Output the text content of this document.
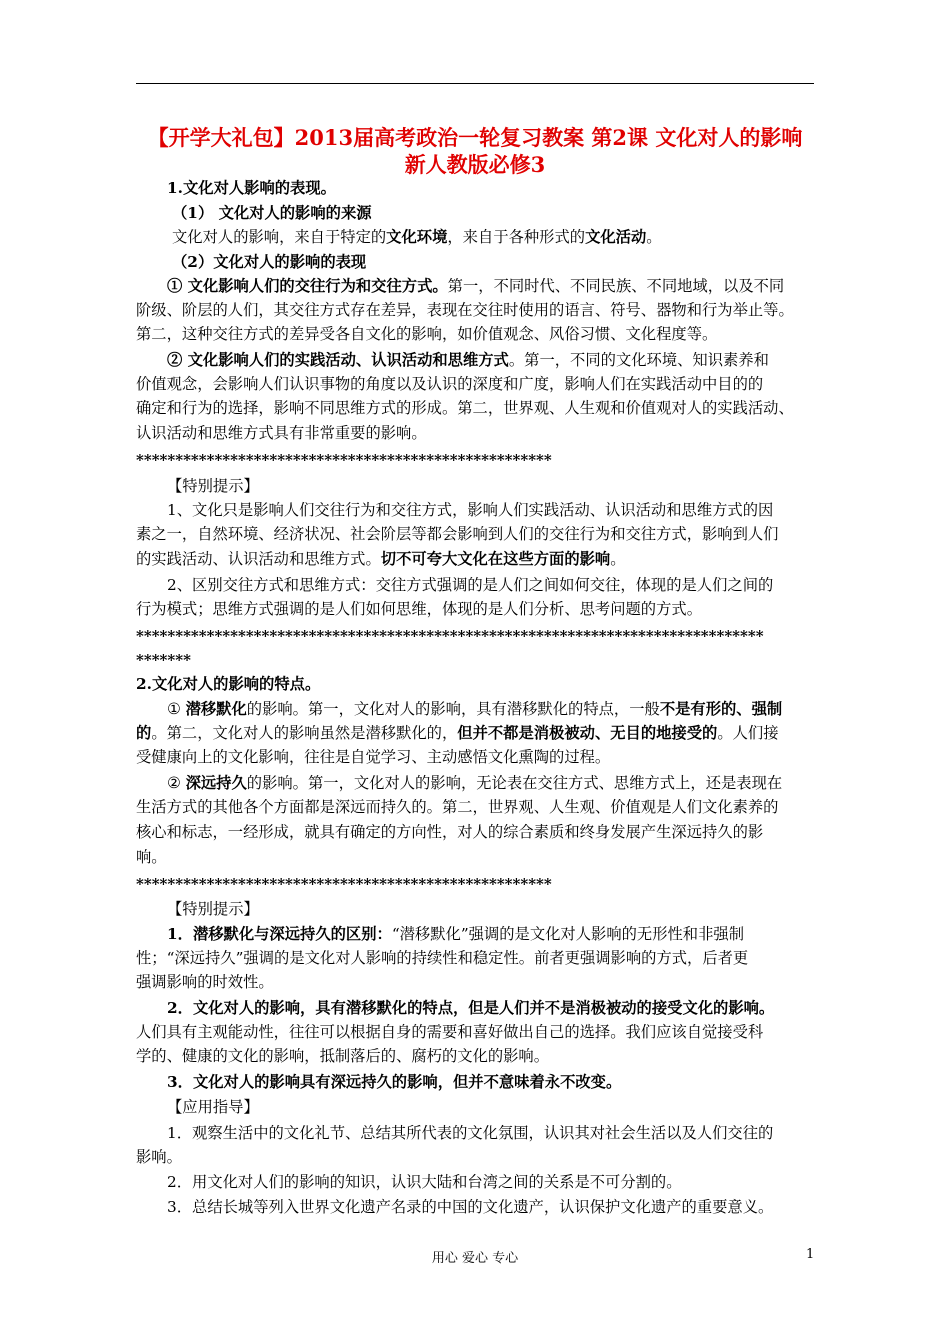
【开学大礼包】2013届高考政治一轮复习教案 第2课 文化对人的影响
新人教版必修3

1.文化对人影响的表现。

（1） 文化对人的影响的来源

文化对人的影响，来自于特定的文化环境，来自于各种形式的文化活动。

（2）文化对人的影响的表现

① 文化影响人们的交往行为和交往方式。第一，不同时代、不同民族、不同地域，以及不同

阶级、阶层的人们，其交往方式存在差异，表现在交往时使用的语言、符号、器物和行为举止等。

第二，这种交往方式的差异受各自文化的影响，如价值观念、风俗习惯、文化程度等。

② 文化影响人们的实践活动、认识活动和思维方式。第一，不同的文化环境、知识素养和

价值观念，会影响人们认识事物的角度以及认识的深度和广度，影响人们在实践活动中目的的

确定和行为的选择，影响不同思维方式的形成。第二，世界观、人生观和价值观对人的实践活动、

认识活动和思维方式具有非常重要的影响。

*****************************************************

【特别提示】

1、文化只是影响人们交往行为和交往方式，影响人们实践活动、认识活动和思维方式的因

素之一，自然环境、经济状况、社会阶层等都会影响到人们的交往行为和交往方式，影响到人们

的实践活动、认识活动和思维方式。切不可夸大文化在这些方面的影响。

2、区别交往方式和思维方式：交往方式强调的是人们之间如何交往，体现的是人们之间的

行为模式；思维方式强调的是人们如何思维，体现的是人们分析、思考问题的方式。

********************************************************************************

*******

2.文化对人的影响的特点。

① 潜移默化的影响。第一，文化对人的影响，具有潜移默化的特点，一般不是有形的、强制

的。第二，文化对人的影响虽然是潜移默化的，但并不都是消极被动、无目的地接受的。人们接

受健康向上的文化影响，往往是自觉学习、主动感悟文化熏陶的过程。

② 深远持久的影响。第一，文化对人的影响，无论表在交往方式、思维方式上，还是表现在

生活方式的其他各个方面都是深远而持久的。第二，世界观、人生观、价值观是人们文化素养的

核心和标志，一经形成，就具有确定的方向性，对人的综合素质和终身发展产生深远持久的影

响。

*****************************************************

【特别提示】

1．潜移默化与深远持久的区别：“潜移默化”强调的是文化对人影响的无形性和非强制

性；“深远持久”强调的是文化对人影响的持续性和稳定性。前者更强调影响的方式，后者更

强调影响的时效性。

2．文化对人的影响，具有潜移默化的特点，但是人们并不是消极被动的接受文化的影响。

人们具有主观能动性，往往可以根据自身的需要和喜好做出自己的选择。我们应该自觉接受科

学的、健康的文化的影响，抵制落后的、腐朽的文化的影响。

3．文化对人的影响具有深远持久的影响，但并不意味着永不改变。

【应用指导】

1．观察生活中的文化礼节、总结其所代表的文化氛围，认识其对社会生活以及人们交往的

影响。

2．用文化对人们的影响的知识，认识大陆和台湾之间的关系是不可分割的。

3．总结长城等列入世界文化遗产名录的中国的文化遗产，认识保护文化遗产的重要意义。

用心 爱心 专心	1
